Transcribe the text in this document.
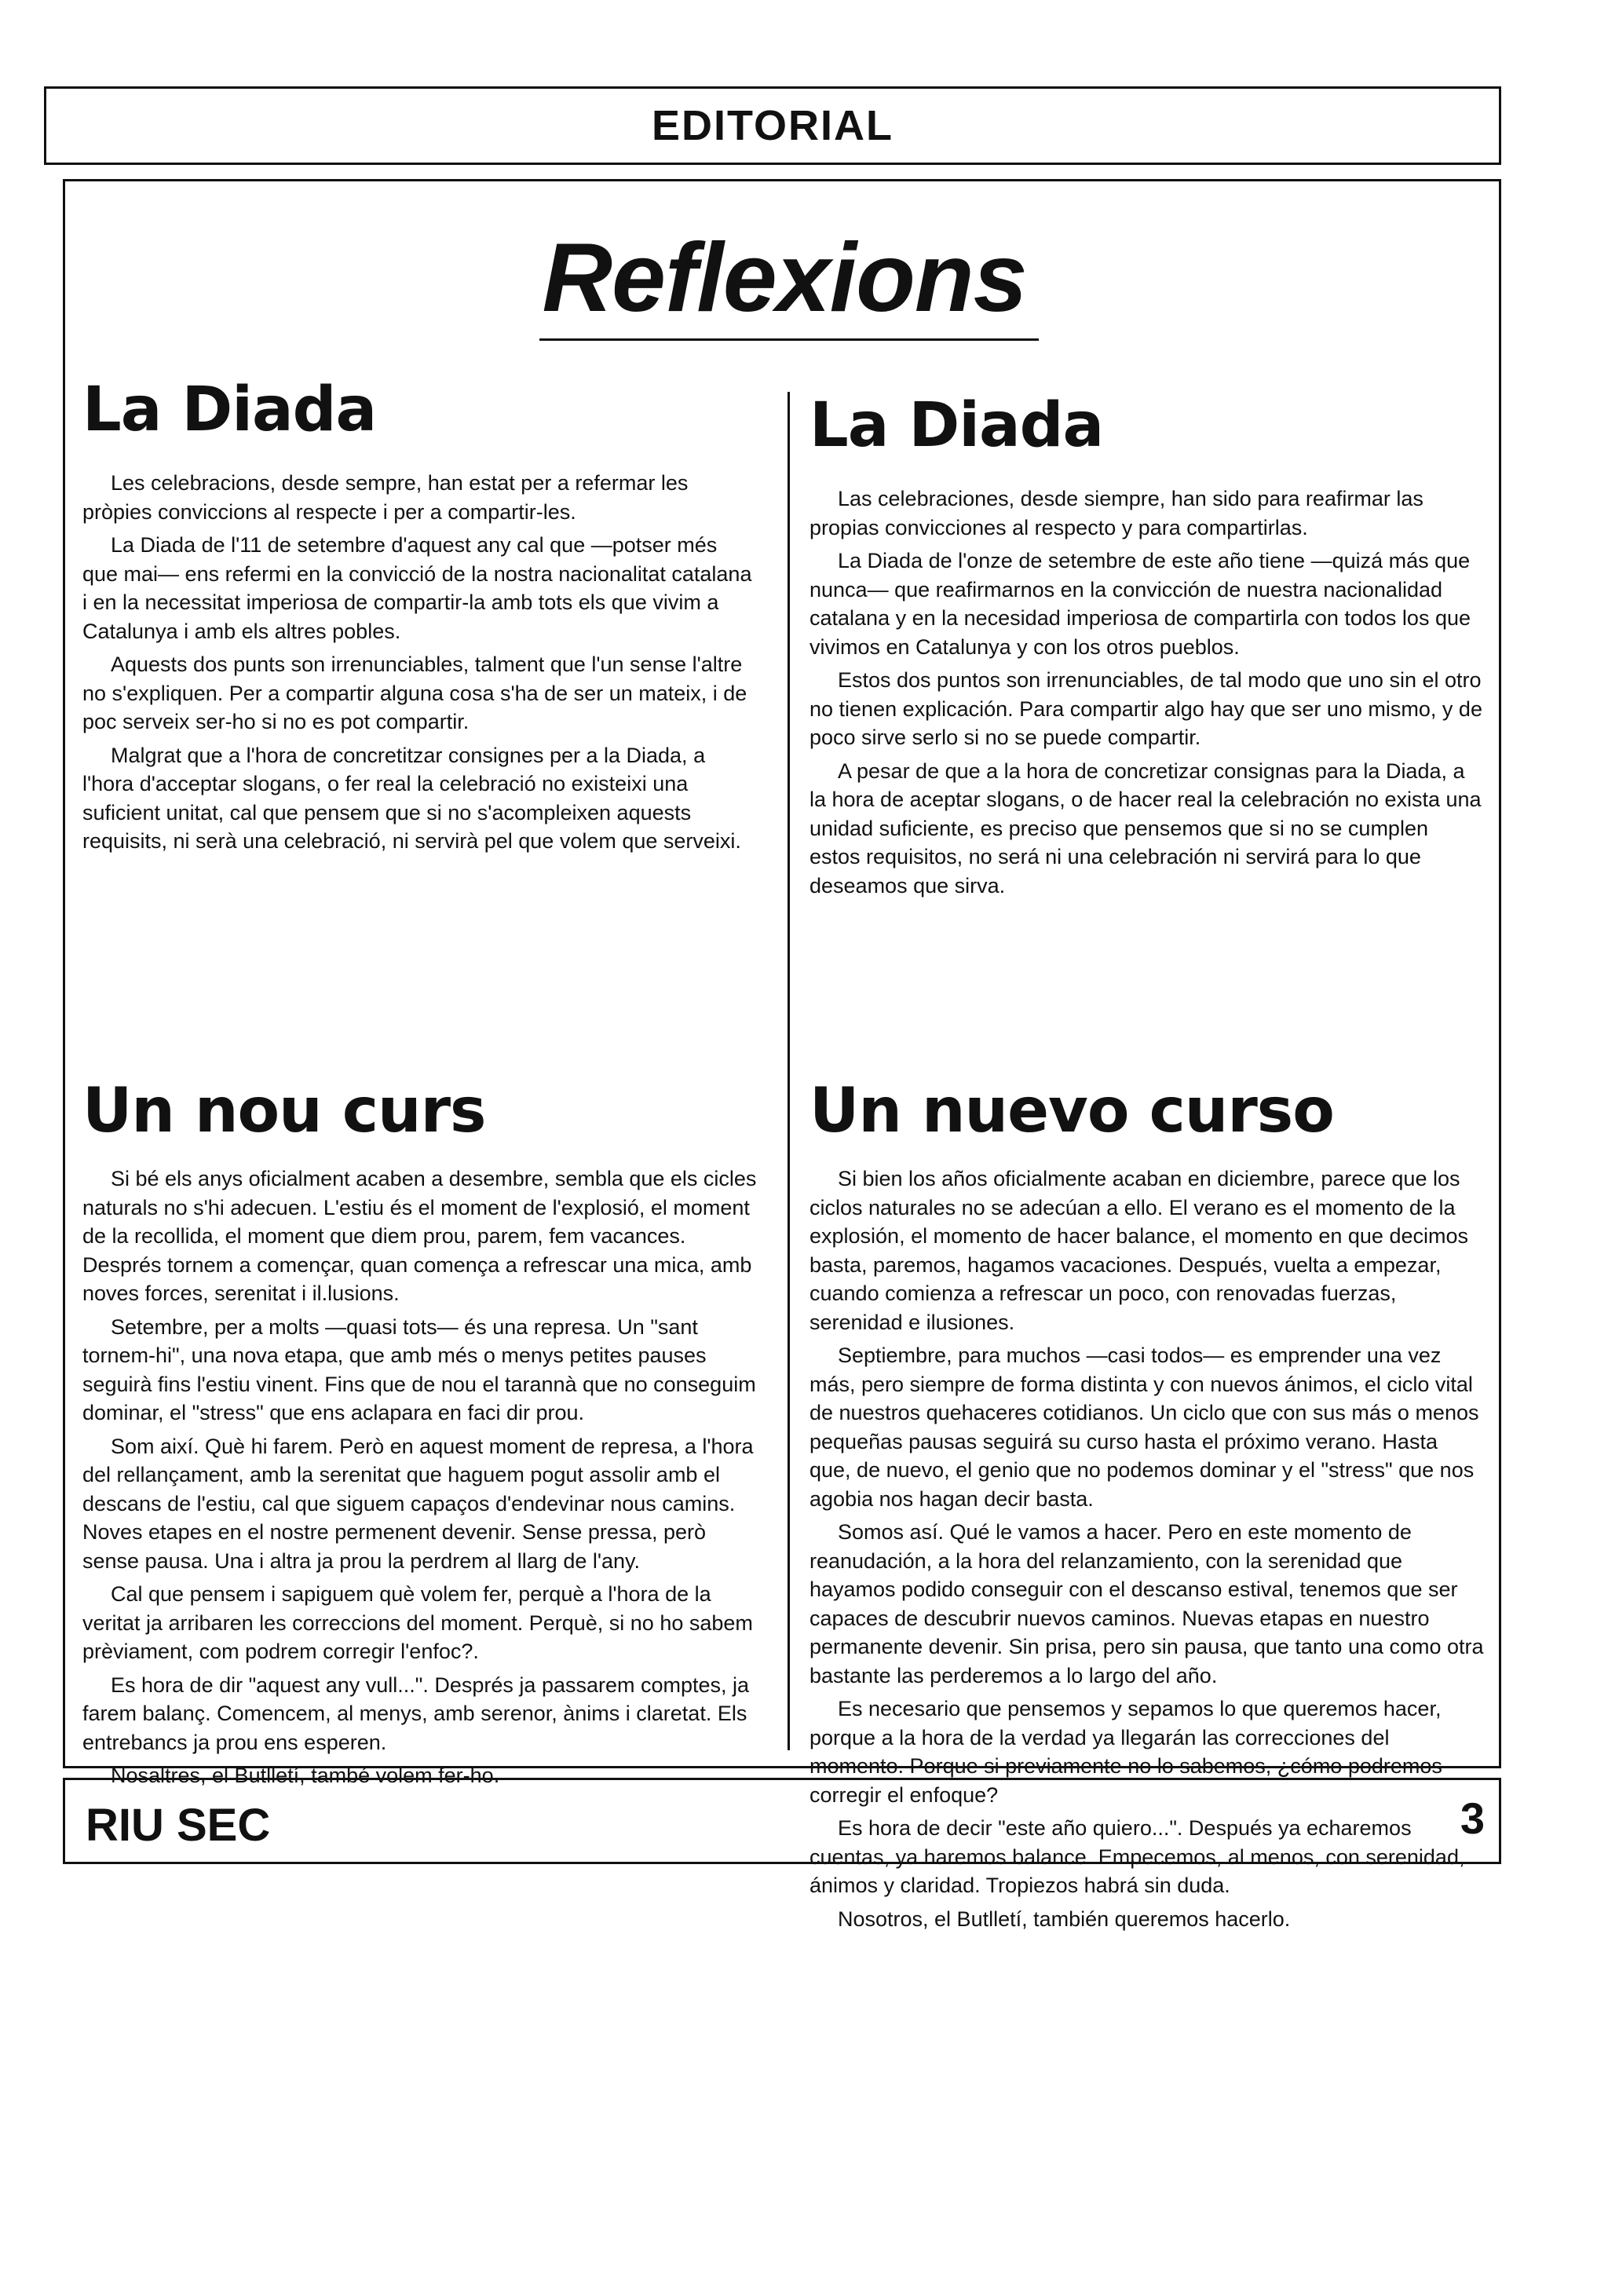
EDITORIAL
Reflexions
La Diada

Les celebracions, desde sempre, han estat per a refermar les pròpies conviccions al respecte i per a compartir-les.

La Diada de l'11 de setembre d'aquest any cal que —potser més que mai— ens refermi en la convicció de la nostra nacionalitat catalana i en la necessitat imperiosa de compartir-la amb tots els que vivim a Catalunya i amb els altres pobles.

Aquests dos punts son irrenunciables, talment que l'un sense l'altre no s'expliquen. Per a compartir alguna cosa s'ha de ser un mateix, i de poc serveix ser-ho si no es pot compartir.

Malgrat que a l'hora de concretitzar consignes per a la Diada, a l'hora d'acceptar slogans, o fer real la celebració no existeixi una suficient unitat, cal que pensem que si no s'acompleixen aquests requisits, ni serà una celebració, ni servirà pel que volem que serveixi.

Un nou curs

Si bé els anys oficialment acaben a desembre, sembla que els cicles naturals no s'hi adecuen. L'estiu és el moment de l'explosió, el moment de la recollida, el moment que diem prou, parem, fem vacances. Després tornem a començar, quan comença a refrescar una mica, amb noves forces, serenitat i il.lusions.

Setembre, per a molts —quasi tots— és una represa. Un "sant tornem-hi", una nova etapa, que amb més o menys petites pauses seguirà fins l'estiu vinent. Fins que de nou el tarannà que no conseguim dominar, el "stress" que ens aclapara en faci dir prou.

Som així. Què hi farem. Però en aquest moment de represa, a l'hora del rellançament, amb la serenitat que haguem pogut assolir amb el descans de l'estiu, cal que siguem capaços d'endevinar nous camins. Noves etapes en el nostre permenent devenir. Sense pressa, però sense pausa. Una i altra ja prou la perdrem al llarg de l'any.

Cal que pensem i sapiguem què volem fer, perquè a l'hora de la veritat ja arribaren les correccions del moment. Perquè, si no ho sabem prèviament, com podrem corregir l'enfoc?.

Es hora de dir "aquest any vull...". Després ja passarem comptes, ja farem balanç. Comencem, al menys, amb serenor, ànims i claretat. Els entrebancs ja prou ens esperen.

Nosaltres, el Butlletí, també volem fer-ho.

La Diada

Las celebraciones, desde siempre, han sido para reafirmar las propias convicciones al respecto y para compartirlas.

La Diada de l'onze de setembre de este año tiene —quizá más que nunca— que reafirmarnos en la convicción de nuestra nacionalidad catalana y en la necesidad imperiosa de compartirla con todos los que vivimos en Catalunya y con los otros pueblos.

Estos dos puntos son irrenunciables, de tal modo que uno sin el otro no tienen explicación. Para compartir algo hay que ser uno mismo, y de poco sirve serlo si no se puede compartir.

A pesar de que a la hora de concretizar consignas para la Diada, a la hora de aceptar slogans, o de hacer real la celebración no exista una unidad suficiente, es preciso que pensemos que si no se cumplen estos requisitos, no será ni una celebración ni servirá para lo que deseamos que sirva.

Un nuevo curso

Si bien los años oficialmente acaban en diciembre, parece que los ciclos naturales no se adecúan a ello. El verano es el momento de la explosión, el momento de hacer balance, el momento en que decimos basta, paremos, hagamos vacaciones. Después, vuelta a empezar, cuando comienza a refrescar un poco, con renovadas fuerzas, serenidad e ilusiones.

Septiembre, para muchos —casi todos— es emprender una vez más, pero siempre de forma distinta y con nuevos ánimos, el ciclo vital de nuestros quehaceres cotidianos. Un ciclo que con sus más o menos pequeñas pausas seguirá su curso hasta el próximo verano. Hasta que, de nuevo, el genio que no podemos dominar y el "stress" que nos agobia nos hagan decir basta.

Somos así. Qué le vamos a hacer. Pero en este momento de reanudación, a la hora del relanzamiento, con la serenidad que hayamos podido conseguir con el descanso estival, tenemos que ser capaces de descubrir nuevos caminos. Nuevas etapas en nuestro permanente devenir. Sin prisa, pero sin pausa, que tanto una como otra bastante las perderemos a lo largo del año.

Es necesario que pensemos y sepamos lo que queremos hacer, porque a la hora de la verdad ya llegarán las correcciones del momento. Porque si previamente no lo sabemos, ¿cómo podremos corregir el enfoque?

Es hora de decir "este año quiero...". Después ya echaremos cuentas, ya haremos balance. Empecemos, al menos, con serenidad, ánimos y claridad. Tropiezos habrá sin duda.

Nosotros, el Butlletí, también queremos hacerlo.

RIU SEC	3
